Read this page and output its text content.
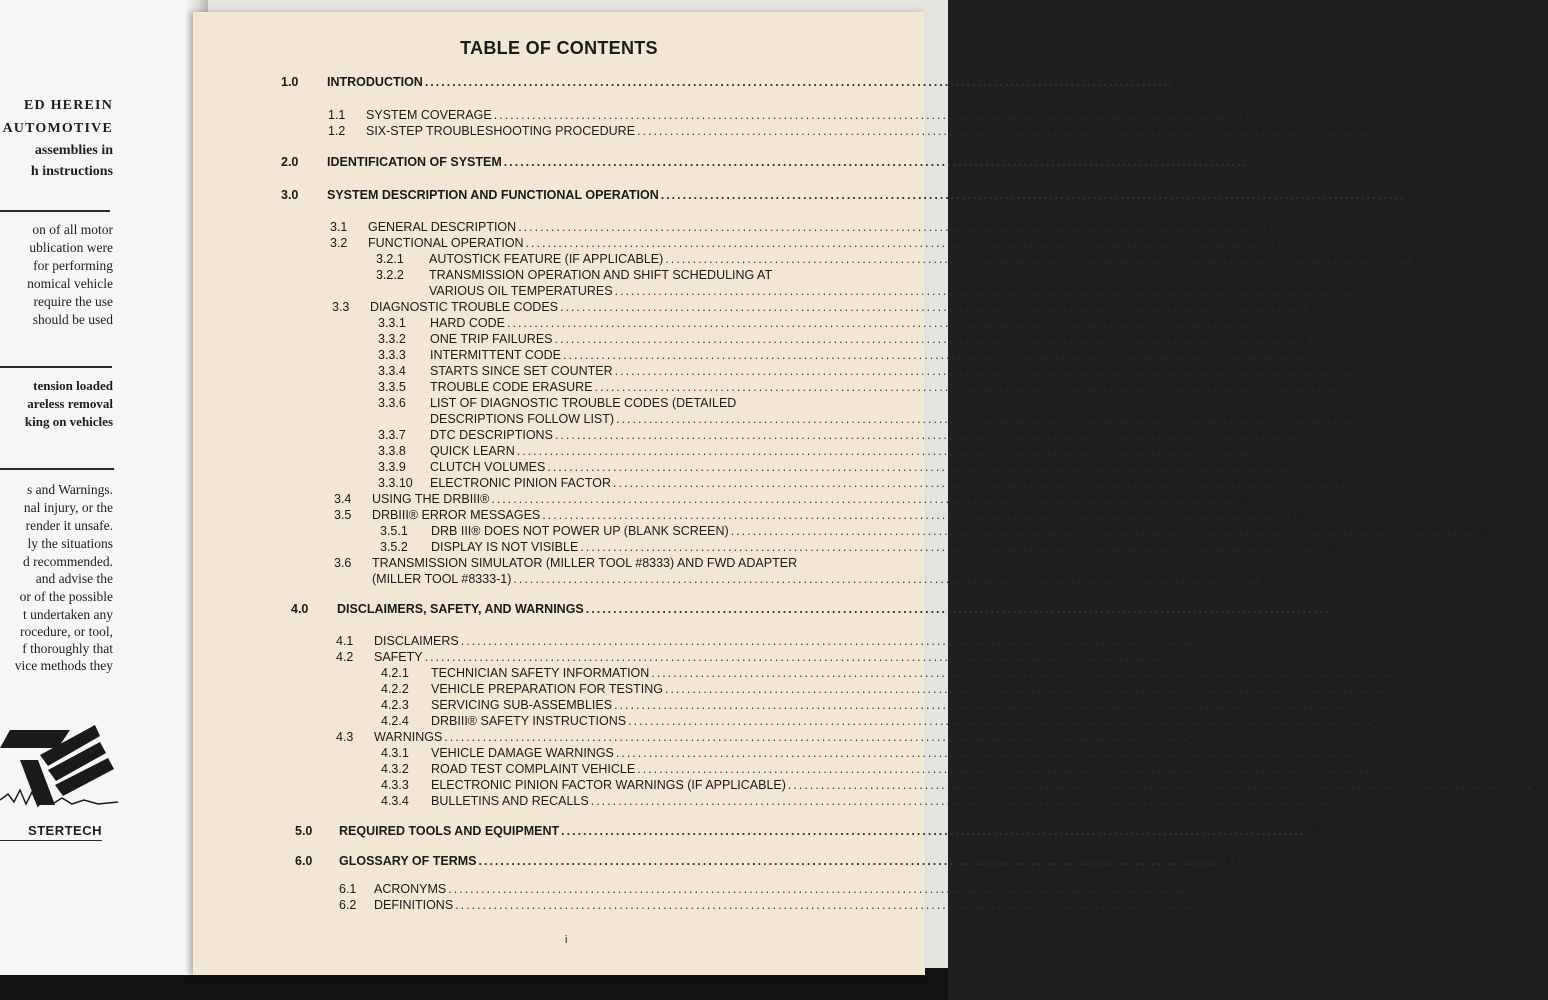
ED HEREIN
AUTOMOTIVE
assemblies in
h instructions
on of all motor
ublication were
for performing
nomical vehicle
require the use
should be used
tension loaded
areless removal
king on vehicles
s and Warnings.
nal injury, or the
render it unsafe.
ly the situations
d recommended.
and advise the
or of the possible
t undertaken any
rocedure, or tool,
f thoroughly that
vice methods they
STERTECH
TABLE OF CONTENTS
1.0	INTRODUCTION ........................................................................................................................................ 1
1.1	SYSTEM COVERAGE ........................................................................................................................................ 1
1.2	SIX-STEP TROUBLESHOOTING PROCEDURE ........................................................................................................................................ 1
2.0	IDENTIFICATION OF SYSTEM ........................................................................................................................................ 1
3.0	SYSTEM DESCRIPTION AND FUNCTIONAL OPERATION ........................................................................................................................................ 1
3.1	GENERAL DESCRIPTION ........................................................................................................................................ 1
3.2	FUNCTIONAL OPERATION ........................................................................................................................................ 1
3.2.1	AUTOSTICK FEATURE (IF APPLICABLE) ........................................................................................................................................ 1
3.2.2	TRANSMISSION OPERATION AND SHIFT SCHEDULING AT
VARIOUS OIL TEMPERATURES ........................................................................................................................................ 2
3.3	DIAGNOSTIC TROUBLE CODES ........................................................................................................................................ 3
3.3.1	HARD CODE ........................................................................................................................................ 3
3.3.2	ONE TRIP FAILURES ........................................................................................................................................ 3
3.3.3	INTERMITTENT CODE ........................................................................................................................................ 3
3.3.4	STARTS SINCE SET COUNTER ........................................................................................................................................ 3
3.3.5	TROUBLE CODE ERASURE ........................................................................................................................................ 4
3.3.6	LIST OF DIAGNOSTIC TROUBLE CODES (DETAILED
DESCRIPTIONS FOLLOW LIST) ........................................................................................................................................ 4
3.3.7	DTC DESCRIPTIONS ........................................................................................................................................ 5
3.3.8	QUICK LEARN ........................................................................................................................................ 17
3.3.9	CLUTCH VOLUMES ........................................................................................................................................ 17
3.3.10	ELECTRONIC PINION FACTOR ........................................................................................................................................ 18
3.4	USING THE DRBIII® ........................................................................................................................................ 18
3.5	DRBIII® ERROR MESSAGES ........................................................................................................................................ 18
3.5.1	DRB III® DOES NOT POWER UP (BLANK SCREEN) ........................................................................................................................................ 18
3.5.2	DISPLAY IS NOT VISIBLE ........................................................................................................................................ 18
3.6	TRANSMISSION SIMULATOR (MILLER TOOL #8333) AND FWD ADAPTER
(MILLER TOOL #8333-1) ........................................................................................................................................ 18
4.0	DISCLAIMERS, SAFETY, AND WARNINGS ........................................................................................................................................ 19
4.1	DISCLAIMERS ........................................................................................................................................ 19
4.2	SAFETY ........................................................................................................................................ 19
4.2.1	TECHNICIAN SAFETY INFORMATION ........................................................................................................................................ 19
4.2.2	VEHICLE PREPARATION FOR TESTING ........................................................................................................................................ 19
4.2.3	SERVICING SUB-ASSEMBLIES ........................................................................................................................................ 19
4.2.4	DRBIII® SAFETY INSTRUCTIONS ........................................................................................................................................ 19
4.3	WARNINGS ........................................................................................................................................ 20
4.3.1	VEHICLE DAMAGE WARNINGS ........................................................................................................................................ 20
4.3.2	ROAD TEST COMPLAINT VEHICLE ........................................................................................................................................ 20
4.3.3	ELECTRONIC PINION FACTOR WARNINGS (IF APPLICABLE) ........................................................................................................................................ 21
4.3.4	BULLETINS AND RECALLS ........................................................................................................................................ 21
5.0	REQUIRED TOOLS AND EQUIPMENT ........................................................................................................................................ 21
6.0	GLOSSARY OF TERMS ........................................................................................................................................ 21
6.1	ACRONYMS ........................................................................................................................................ 21
6.2	DEFINITIONS ........................................................................................................................................ 22
i
